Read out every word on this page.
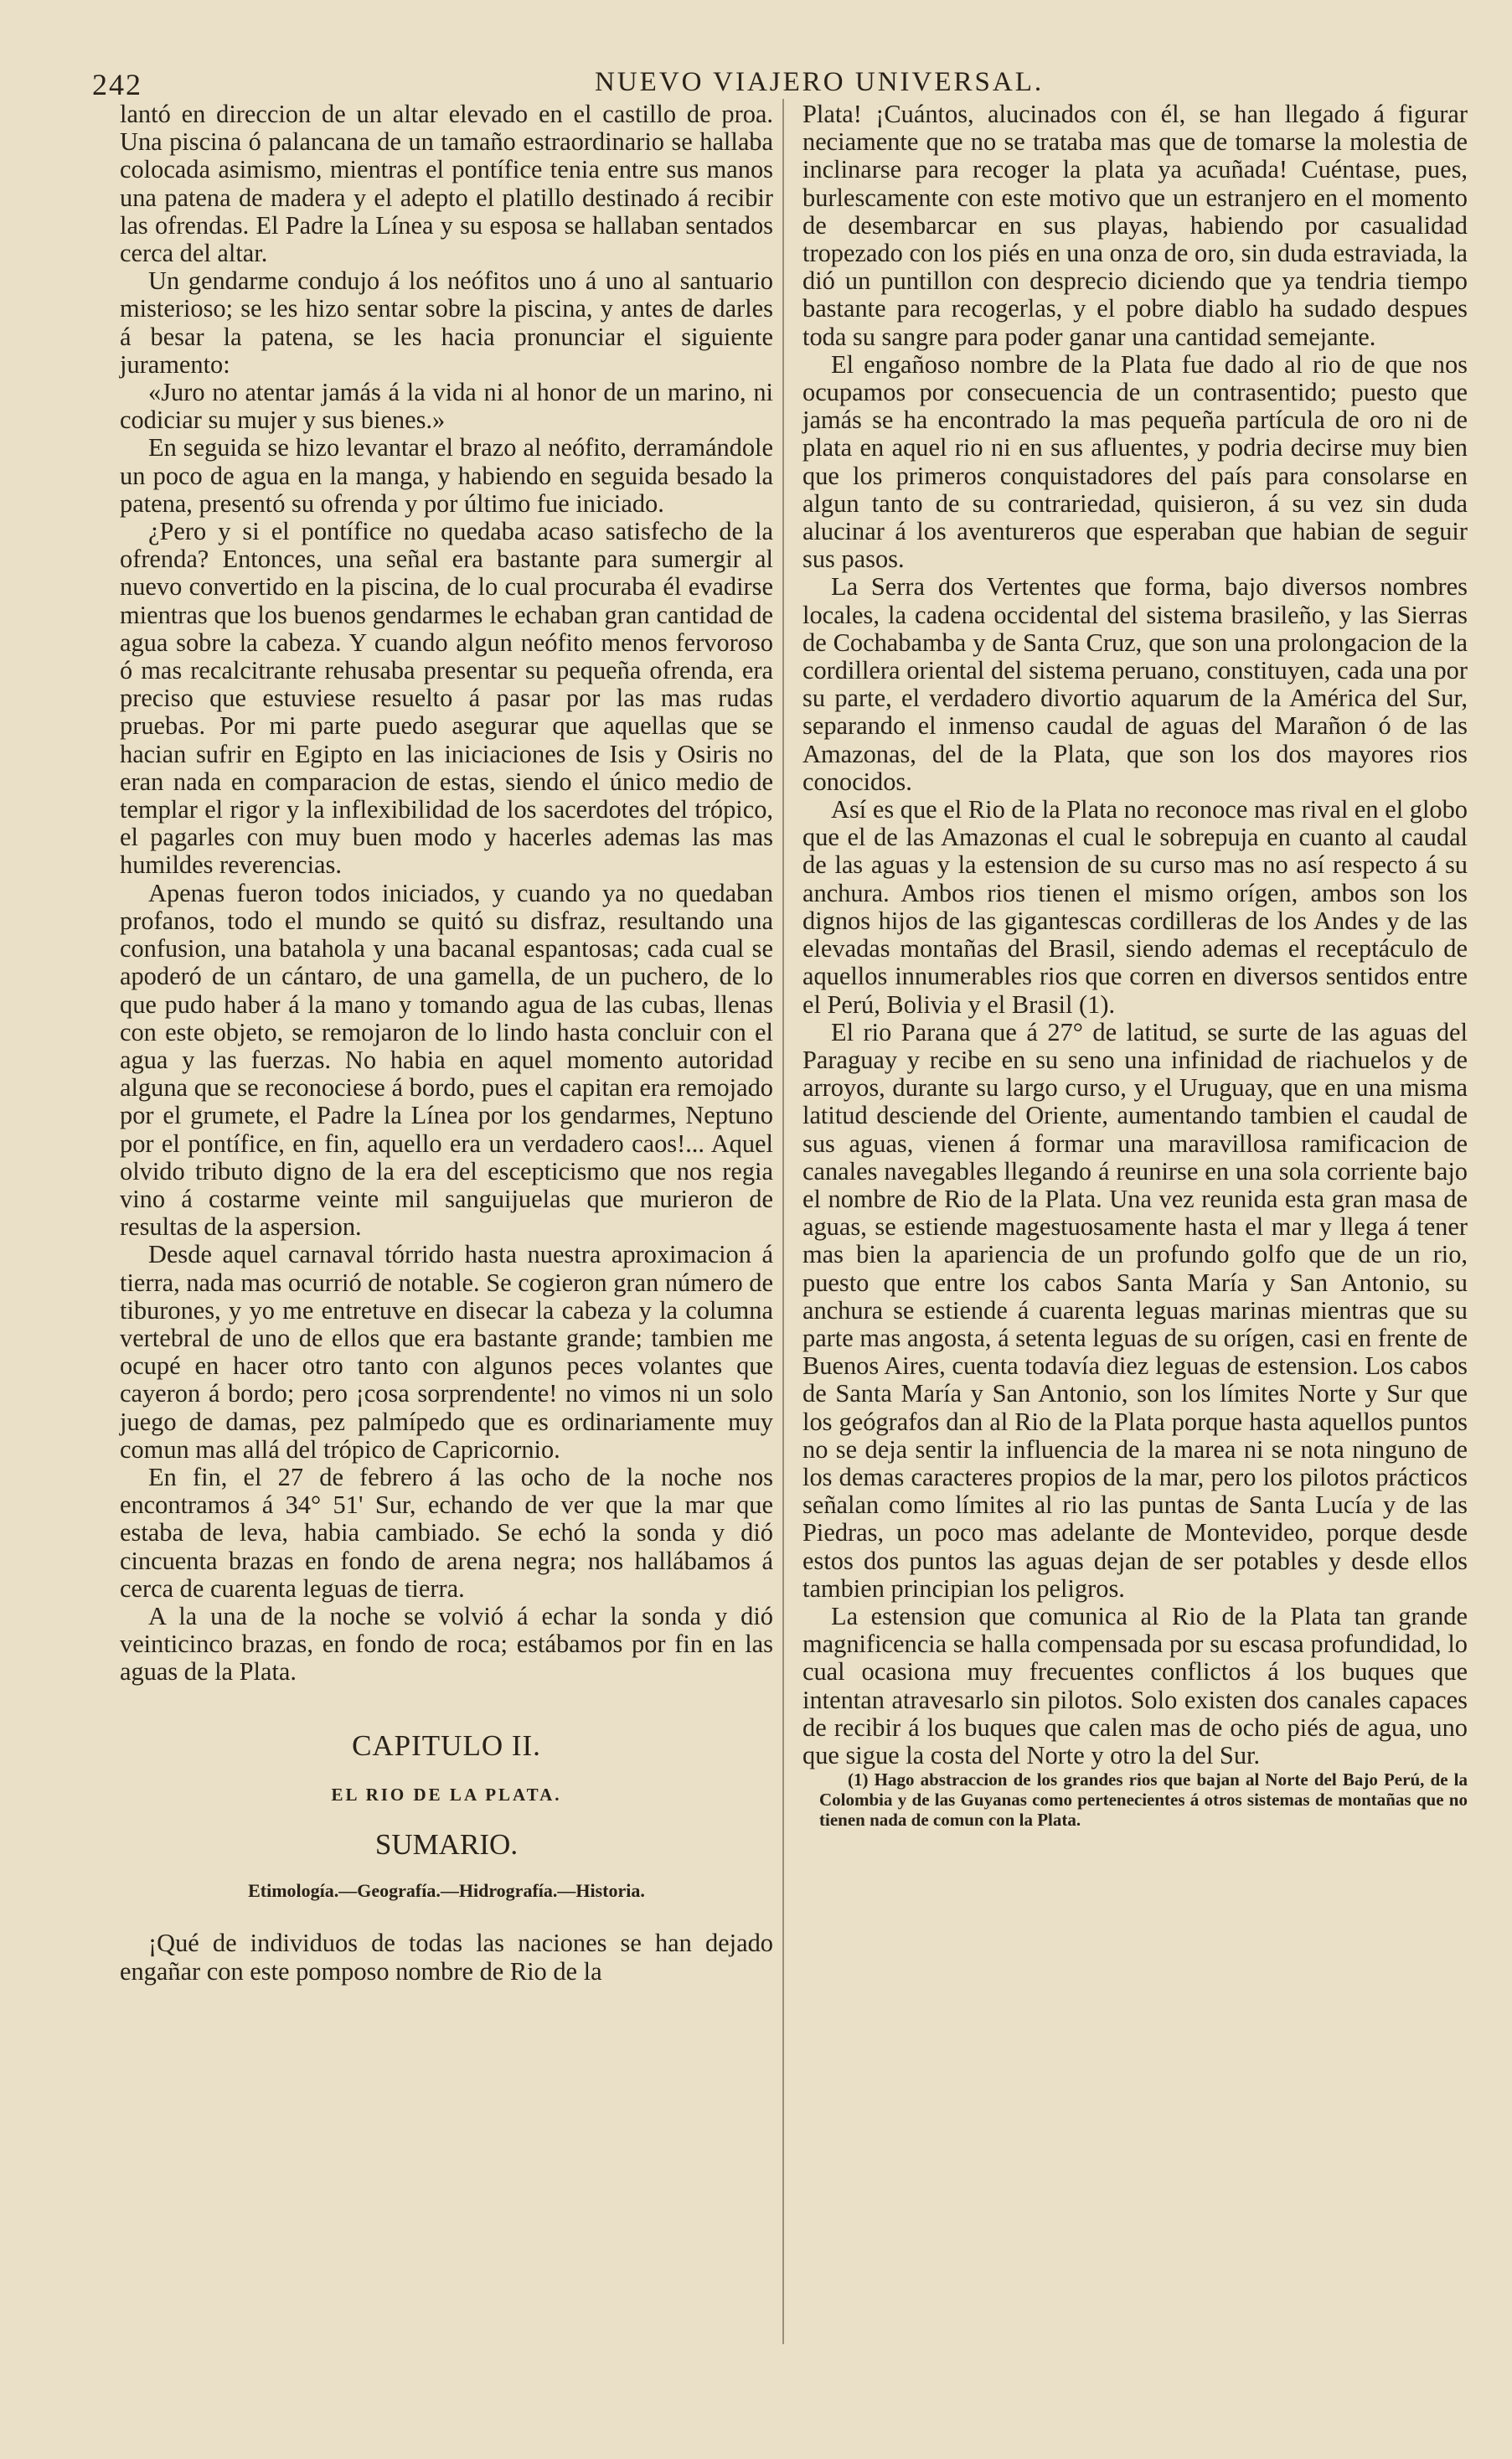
242	NUEVO VIAJERO UNIVERSAL.

lantó en direccion de un altar elevado en el castillo de proa. Una piscina ó palancana de un tamaño estraordinario se hallaba colocada asimismo, mientras el pontífice tenia entre sus manos una patena de madera y el adepto el platillo destinado á recibir las ofrendas. El Padre la Línea y su esposa se hallaban sentados cerca del altar.

Un gendarme condujo á los neófitos uno á uno al santuario misterioso; se les hizo sentar sobre la piscina, y antes de darles á besar la patena, se les hacia pronunciar el siguiente juramento:

«Juro no atentar jamás á la vida ni al honor de un marino, ni codiciar su mujer y sus bienes.»

En seguida se hizo levantar el brazo al neófito, derramándole un poco de agua en la manga, y habiendo en seguida besado la patena, presentó su ofrenda y por último fue iniciado.

¿Pero y si el pontífice no quedaba acaso satisfecho de la ofrenda? Entonces, una señal era bastante para sumergir al nuevo convertido en la piscina, de lo cual procuraba él evadirse mientras que los buenos gendarmes le echaban gran cantidad de agua sobre la cabeza. Y cuando algun neófito menos fervoroso ó mas recalcitrante rehusaba presentar su pequeña ofrenda, era preciso que estuviese resuelto á pasar por las mas rudas pruebas. Por mi parte puedo asegurar que aquellas que se hacian sufrir en Egipto en las iniciaciones de Isis y Osiris no eran nada en comparacion de estas, siendo el único medio de templar el rigor y la inflexibilidad de los sacerdotes del trópico, el pagarles con muy buen modo y hacerles ademas las mas humildes reverencias.

Apenas fueron todos iniciados, y cuando ya no quedaban profanos, todo el mundo se quitó su disfraz, resultando una confusion, una batahola y una bacanal espantosas; cada cual se apoderó de un cántaro, de una gamella, de un puchero, de lo que pudo haber á la mano y tomando agua de las cubas, llenas con este objeto, se remojaron de lo lindo hasta concluir con el agua y las fuerzas. No habia en aquel momento autoridad alguna que se reconociese á bordo, pues el capitan era remojado por el grumete, el Padre la Línea por los gendarmes, Neptuno por el pontífice, en fin, aquello era un verdadero caos!... Aquel olvido tributo digno de la era del escepticismo que nos regia vino á costarme veinte mil sanguijuelas que murieron de resultas de la aspersion.

Desde aquel carnaval tórrido hasta nuestra aproximacion á tierra, nada mas ocurrió de notable. Se cogieron gran número de tiburones, y yo me entretuve en disecar la cabeza y la columna vertebral de uno de ellos que era bastante grande; tambien me ocupé en hacer otro tanto con algunos peces volantes que cayeron á bordo; pero ¡cosa sorprendente! no vimos ni un solo juego de damas, pez palmípedo que es ordinariamente muy comun mas allá del trópico de Capricornio.

En fin, el 27 de febrero á las ocho de la noche nos encontramos á 34° 51' Sur, echando de ver que la mar que estaba de leva, habia cambiado. Se echó la sonda y dió cincuenta brazas en fondo de arena negra; nos hallábamos á cerca de cuarenta leguas de tierra.

A la una de la noche se volvió á echar la sonda y dió veinticinco brazas, en fondo de roca; estábamos por fin en las aguas de la Plata.

CAPITULO II.
EL RIO DE LA PLATA.
SUMARIO.
Etimología.—Geografía.—Hidrografía.—Historia.

¡Qué de individuos de todas las naciones se han dejado engañar con este pomposo nombre de Rio de la

Plata! ¡Cuántos, alucinados con él, se han llegado á figurar neciamente que no se trataba mas que de tomarse la molestia de inclinarse para recoger la plata ya acuñada! Cuéntase, pues, burlescamente con este motivo que un estranjero en el momento de desembarcar en sus playas, habiendo por casualidad tropezado con los piés en una onza de oro, sin duda estraviada, la dió un puntillon con desprecio diciendo que ya tendria tiempo bastante para recogerlas, y el pobre diablo ha sudado despues toda su sangre para poder ganar una cantidad semejante.

El engañoso nombre de la Plata fue dado al rio de que nos ocupamos por consecuencia de un contrasentido; puesto que jamás se ha encontrado la mas pequeña partícula de oro ni de plata en aquel rio ni en sus afluentes, y podria decirse muy bien que los primeros conquistadores del país para consolarse en algun tanto de su contrariedad, quisieron, á su vez sin duda alucinar á los aventureros que esperaban que habian de seguir sus pasos.

La Serra dos Vertentes que forma, bajo diversos nombres locales, la cadena occidental del sistema brasileño, y las Sierras de Cochabamba y de Santa Cruz, que son una prolongacion de la cordillera oriental del sistema peruano, constituyen, cada una por su parte, el verdadero divortio aquarum de la América del Sur, separando el inmenso caudal de aguas del Marañon ó de las Amazonas, del de la Plata, que son los dos mayores rios conocidos.

Así es que el Rio de la Plata no reconoce mas rival en el globo que el de las Amazonas el cual le sobrepuja en cuanto al caudal de las aguas y la estension de su curso mas no así respecto á su anchura. Ambos rios tienen el mismo orígen, ambos son los dignos hijos de las gigantescas cordilleras de los Andes y de las elevadas montañas del Brasil, siendo ademas el receptáculo de aquellos innumerables rios que corren en diversos sentidos entre el Perú, Bolivia y el Brasil (1).

El rio Parana que á 27° de latitud, se surte de las aguas del Paraguay y recibe en su seno una infinidad de riachuelos y de arroyos, durante su largo curso, y el Uruguay, que en una misma latitud desciende del Oriente, aumentando tambien el caudal de sus aguas, vienen á formar una maravillosa ramificacion de canales navegables llegando á reunirse en una sola corriente bajo el nombre de Rio de la Plata. Una vez reunida esta gran masa de aguas, se estiende magestuosamente hasta el mar y llega á tener mas bien la apariencia de un profundo golfo que de un rio, puesto que entre los cabos Santa María y San Antonio, su anchura se estiende á cuarenta leguas marinas mientras que su parte mas angosta, á setenta leguas de su orígen, casi en frente de Buenos Aires, cuenta todavía diez leguas de estension. Los cabos de Santa María y San Antonio, son los límites Norte y Sur que los geógrafos dan al Rio de la Plata porque hasta aquellos puntos no se deja sentir la influencia de la marea ni se nota ninguno de los demas caracteres propios de la mar, pero los pilotos prácticos señalan como límites al rio las puntas de Santa Lucía y de las Piedras, un poco mas adelante de Montevideo, porque desde estos dos puntos las aguas dejan de ser potables y desde ellos tambien principian los peligros.

La estension que comunica al Rio de la Plata tan grande magnificencia se halla compensada por su escasa profundidad, lo cual ocasiona muy frecuentes conflictos á los buques que intentan atravesarlo sin pilotos. Solo existen dos canales capaces de recibir á los buques que calen mas de ocho piés de agua, uno que sigue la costa del Norte y otro la del Sur.

(1) Hago abstraccion de los grandes rios que bajan al Norte del Bajo Perú, de la Colombia y de las Guyanas como pertenecientes á otros sistemas de montañas que no tienen nada de comun con la Plata.
